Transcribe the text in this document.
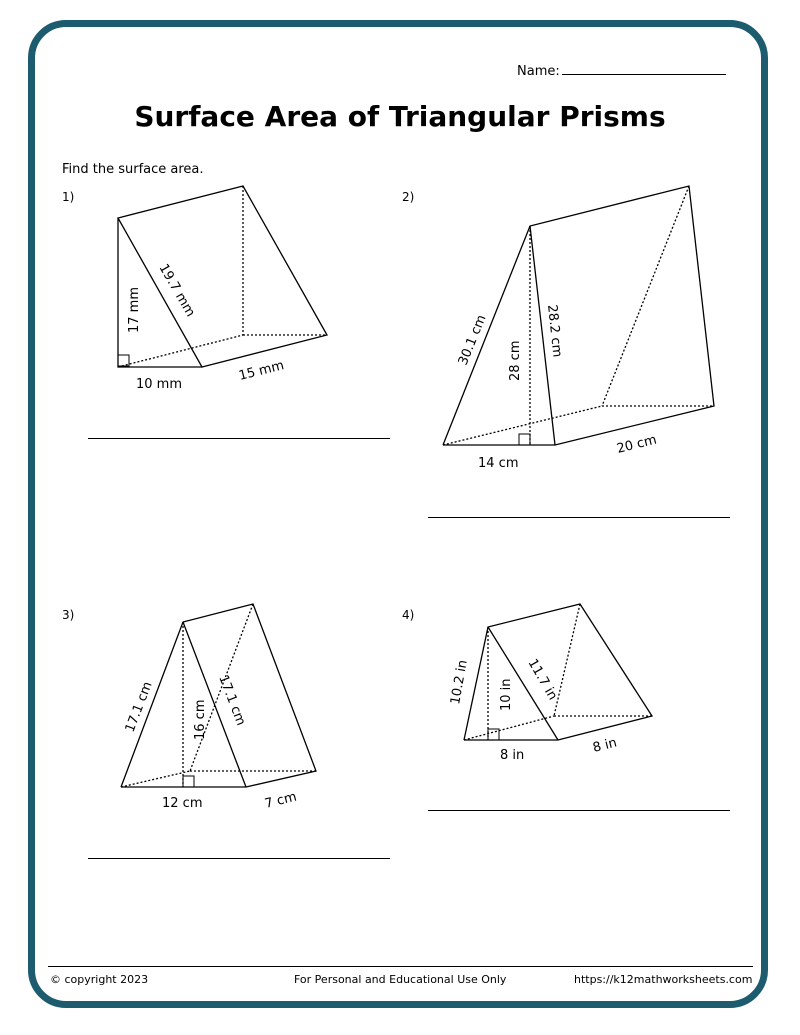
Name:
Surface Area of Triangular Prisms
Find the surface area.
1)	2)
3)	4)
10 mm
15 mm
17 mm 19.7 mm
14 cm
20 cm
28 cm
30.1 cm	28.2 cm
12 cm	7 cm
16 cm
17.1 cm	17.1 cm
8 in	8 in
10 in
10.2 in	11.7 in
© copyright 2023	For Personal and Educational Use Only	https://k12mathworksheets.com
